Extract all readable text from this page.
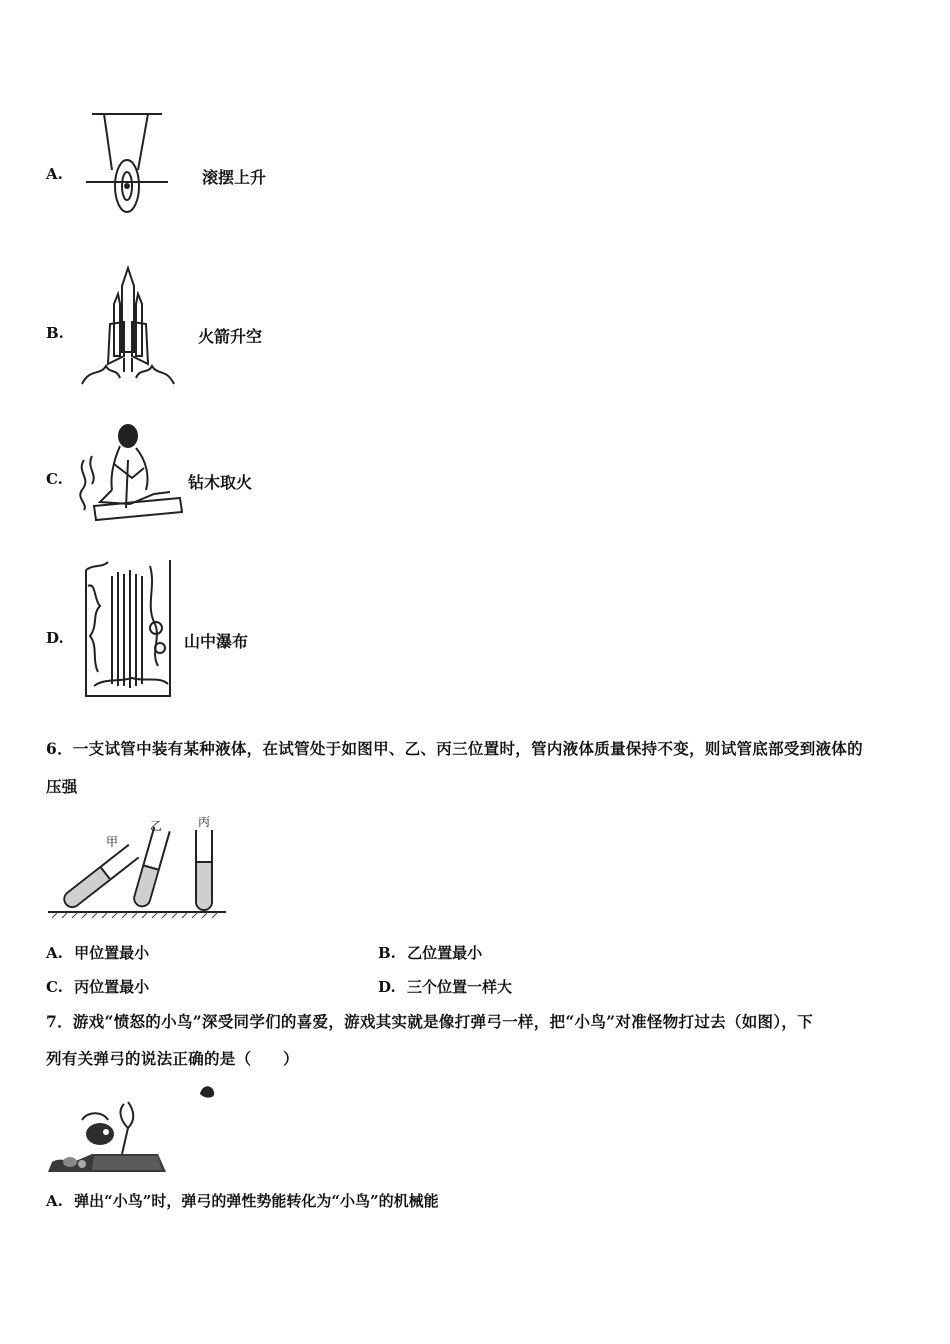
A.	滚摆上升
B.	火箭升空
C.	钻木取火
D.	山中瀑布
6．一支试管中装有某种液体，在试管处于如图甲、乙、丙三位置时，管内液体质量保持不变，则试管底部受到液体的
压强
甲
乙	丙
A. 甲位置最小	B. 乙位置最小
C. 丙位置最小	D. 三个位置一样大
7．游戏“愤怒的小鸟”深受同学们的喜爱，游戏其实就是像打弹弓一样，把“小鸟”对准怪物打过去（如图），下
列有关弹弓的说法正确的是（　　）
A. 弹出“小鸟”时，弹弓的弹性势能转化为“小鸟”的机械能
